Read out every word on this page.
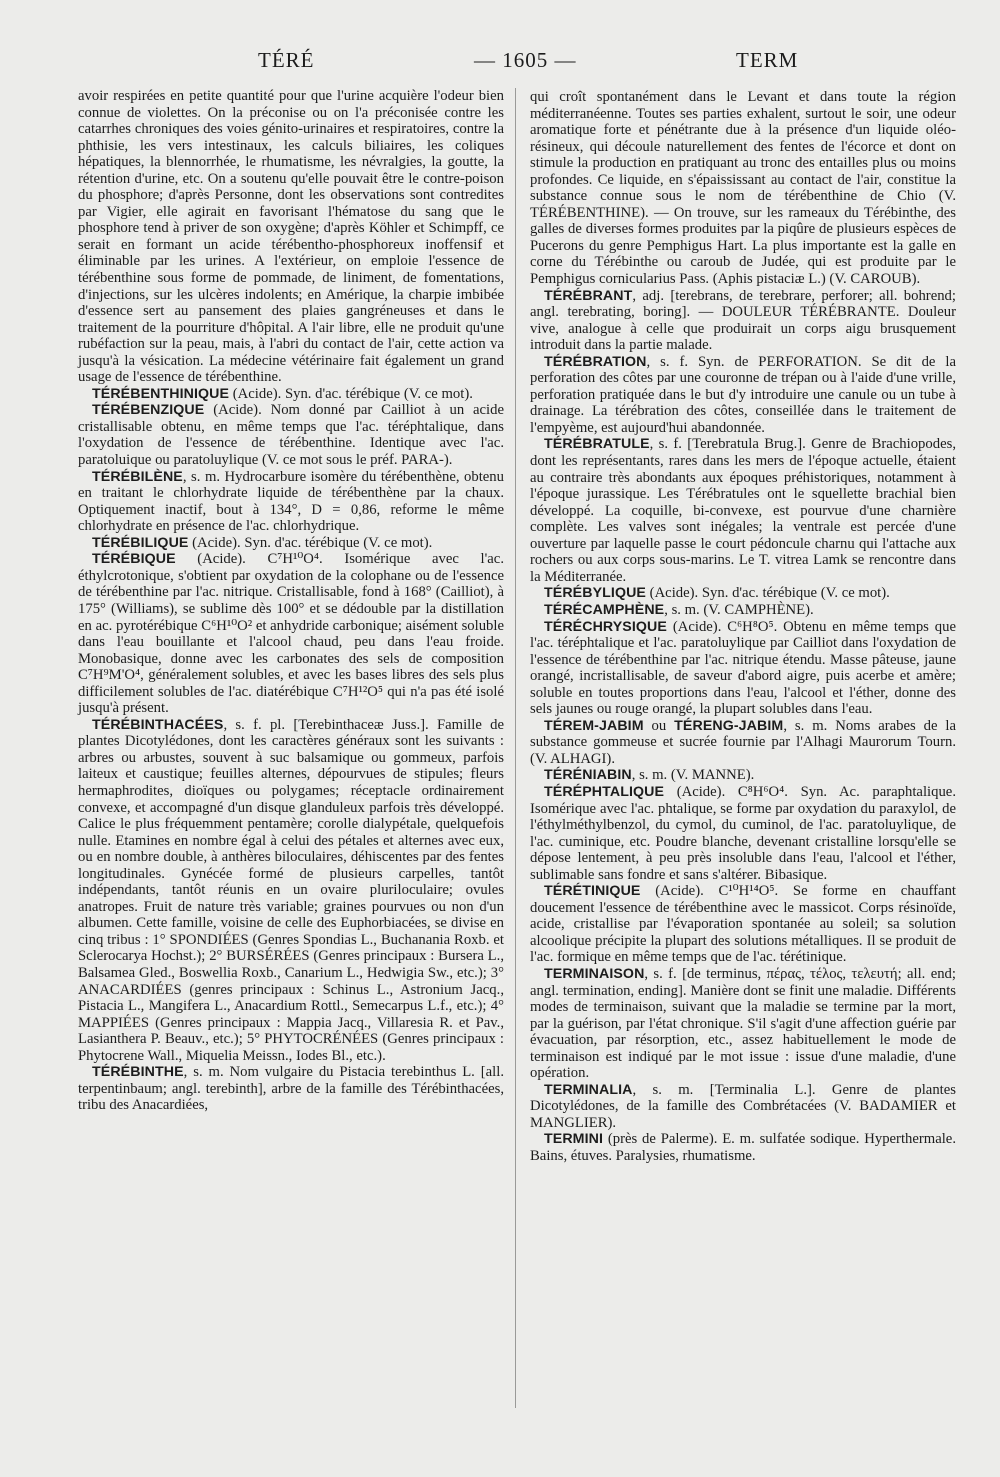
TÉRÉ	— 1605 —	TERM

avoir respirées en petite quantité pour que l'urine acquière l'odeur bien connue de violettes. On la préconise ou on l'a préconisée contre les catarrhes chroniques des voies génito-urinaires et respiratoires, contre la phthisie, les vers intestinaux, les calculs biliaires, les coliques hépatiques, la blennorrhée, le rhumatisme, les névralgies, la goutte, la rétention d'urine, etc. On a soutenu qu'elle pouvait être le contre-poison du phosphore; d'après Personne, dont les observations sont contredites par Vigier, elle agirait en favorisant l'hématose du sang que le phosphore tend à priver de son oxygène; d'après Köhler et Schimpff, ce serait en formant un acide térébentho-phosphoreux inoffensif et éliminable par les urines. A l'extérieur, on emploie l'essence de térébenthine sous forme de pommade, de liniment, de fomentations, d'injections, sur les ulcères indolents; en Amérique, la charpie imbibée d'essence sert au pansement des plaies gangréneuses et dans le traitement de la pourriture d'hôpital. A l'air libre, elle ne produit qu'une rubéfaction sur la peau, mais, à l'abri du contact de l'air, cette action va jusqu'à la vésication. La médecine vétérinaire fait également un grand usage de l'essence de térébenthine.

TÉRÉBENTHINIQUE (Acide). Syn. d'ac. térébique (V. ce mot).

TÉRÉBENZIQUE (Acide). Nom donné par Cailliot à un acide cristallisable obtenu, en même temps que l'ac. téréphtalique, dans l'oxydation de l'essence de térébenthine. Identique avec l'ac. paratoluique ou paratoluylique (V. ce mot sous le préf. PARA-).

TÉRÉBILÈNE, s. m. Hydrocarbure isomère du térébenthène, obtenu en traitant le chlorhydrate liquide de térébenthène par la chaux. Optiquement inactif, bout à 134°, D = 0,86, reforme le même chlorhydrate en présence de l'ac. chlorhydrique.

TÉRÉBILIQUE (Acide). Syn. d'ac. térébique (V. ce mot).

TÉRÉBIQUE (Acide). C⁷H¹⁰O⁴. Isomérique avec l'ac. éthylcrotonique, s'obtient par oxydation de la colophane ou de l'essence de térébenthine par l'ac. nitrique. Cristallisable, fond à 168° (Cailliot), à 175° (Williams), se sublime dès 100° et se dédouble par la distillation en ac. pyrotérébique C⁶H¹⁰O² et anhydride carbonique; aisément soluble dans l'eau bouillante et l'alcool chaud, peu dans l'eau froide. Monobasique, donne avec les carbonates des sels de composition C⁷H⁹M'O⁴, généralement solubles, et avec les bases libres des sels plus difficilement solubles de l'ac. diatérébique C⁷H¹²O⁵ qui n'a pas été isolé jusqu'à présent.

TÉRÉBINTHACÉES, s. f. pl. [Terebinthaceæ Juss.]. Famille de plantes Dicotylédones, dont les caractères généraux sont les suivants : arbres ou arbustes, souvent à suc balsamique ou gommeux, parfois laiteux et caustique; feuilles alternes, dépourvues de stipules; fleurs hermaphrodites, dioïques ou polygames; réceptacle ordinairement convexe, et accompagné d'un disque glanduleux parfois très développé. Calice le plus fréquemment pentamère; corolle dialypétale, quelquefois nulle. Etamines en nombre égal à celui des pétales et alternes avec eux, ou en nombre double, à anthères biloculaires, déhiscentes par des fentes longitudinales. Gynécée formé de plusieurs carpelles, tantôt indépendants, tantôt réunis en un ovaire pluriloculaire; ovules anatropes. Fruit de nature très variable; graines pourvues ou non d'un albumen. Cette famille, voisine de celle des Euphorbiacées, se divise en cinq tribus : 1° SPONDIÉES (Genres Spondias L., Buchanania Roxb. et Sclerocarya Hochst.); 2° BURSÉRÉES (Genres principaux : Bursera L., Balsamea Gled., Boswellia Roxb., Canarium L., Hedwigia Sw., etc.); 3° ANACARDIÉES (genres principaux : Schinus L., Astronium Jacq., Pistacia L., Mangifera L., Anacardium Rottl., Semecarpus L.f., etc.); 4° MAPPIÉES (Genres principaux : Mappia Jacq., Villaresia R. et Pav., Lasianthera P. Beauv., etc.); 5° PHYTOCRÉNÉES (Genres principaux : Phytocrene Wall., Miquelia Meissn., Iodes Bl., etc.).

TÉRÉBINTHE, s. m. Nom vulgaire du Pistacia terebinthus L. [all. terpentinbaum; angl. terebinth], arbre de la famille des Térébinthacées, tribu des Anacardiées,

qui croît spontanément dans le Levant et dans toute la région méditerranéenne. Toutes ses parties exhalent, surtout le soir, une odeur aromatique forte et pénétrante due à la présence d'un liquide oléo-résineux, qui découle naturellement des fentes de l'écorce et dont on stimule la production en pratiquant au tronc des entailles plus ou moins profondes. Ce liquide, en s'épaississant au contact de l'air, constitue la substance connue sous le nom de térébenthine de Chio (V. TÉRÉBENTHINE). — On trouve, sur les rameaux du Térébinthe, des galles de diverses formes produites par la piqûre de plusieurs espèces de Pucerons du genre Pemphigus Hart. La plus importante est la galle en corne du Térébinthe ou caroub de Judée, qui est produite par le Pemphigus cornicularius Pass. (Aphis pistaciæ L.) (V. CAROUB).

TÉRÉBRANT, adj. [terebrans, de terebrare, perforer; all. bohrend; angl. terebrating, boring]. — DOULEUR TÉRÉBRANTE. Douleur vive, analogue à celle que produirait un corps aigu brusquement introduit dans la partie malade.

TÉRÉBRATION, s. f. Syn. de PERFORATION. Se dit de la perforation des côtes par une couronne de trépan ou à l'aide d'une vrille, perforation pratiquée dans le but d'y introduire une canule ou un tube à drainage. La térébration des côtes, conseillée dans le traitement de l'empyème, est aujourd'hui abandonnée.

TÉRÉBRATULE, s. f. [Terebratula Brug.]. Genre de Brachiopodes, dont les représentants, rares dans les mers de l'époque actuelle, étaient au contraire très abondants aux époques préhistoriques, notamment à l'époque jurassique. Les Térébratules ont le squellette brachial bien développé. La coquille, bi-convexe, est pourvue d'une charnière complète. Les valves sont inégales; la ventrale est percée d'une ouverture par laquelle passe le court pédoncule charnu qui l'attache aux rochers ou aux corps sous-marins. Le T. vitrea Lamk se rencontre dans la Méditerranée.

TÉRÉBYLIQUE (Acide). Syn. d'ac. térébique (V. ce mot).

TÉRÉCAMPHÈNE, s. m. (V. CAMPHÈNE).

TÉRÉCHRYSIQUE (Acide). C⁶H⁸O⁵. Obtenu en même temps que l'ac. téréphtalique et l'ac. paratoluylique par Cailliot dans l'oxydation de l'essence de térébenthine par l'ac. nitrique étendu. Masse pâteuse, jaune orangé, incristallisable, de saveur d'abord aigre, puis acerbe et amère; soluble en toutes proportions dans l'eau, l'alcool et l'éther, donne des sels jaunes ou rouge orangé, la plupart solubles dans l'eau.

TÉREM-JABIM ou TÉRENG-JABIM, s. m. Noms arabes de la substance gommeuse et sucrée fournie par l'Alhagi Maurorum Tourn. (V. ALHAGI).

TÉRÉNIABIN, s. m. (V. MANNE).

TÉRÉPHTALIQUE (Acide). C⁸H⁶O⁴. Syn. Ac. paraphtalique. Isomérique avec l'ac. phtalique, se forme par oxydation du paraxylol, de l'éthylméthylbenzol, du cymol, du cuminol, de l'ac. paratoluylique, de l'ac. cuminique, etc. Poudre blanche, devenant cristalline lorsqu'elle se dépose lentement, à peu près insoluble dans l'eau, l'alcool et l'éther, sublimable sans fondre et sans s'altérer. Bibasique.

TÉRÉTINIQUE (Acide). C¹⁰H¹⁴O⁵. Se forme en chauffant doucement l'essence de térébenthine avec le massicot. Corps résinoïde, acide, cristallise par l'évaporation spontanée au soleil; sa solution alcoolique précipite la plupart des solutions métalliques. Il se produit de l'ac. formique en même temps que de l'ac. térétinique.

TERMINAISON, s. f. [de terminus, πέρας, τέλος, τελευτή; all. end; angl. termination, ending]. Manière dont se finit une maladie. Différents modes de terminaison, suivant que la maladie se termine par la mort, par la guérison, par l'état chronique. S'il s'agit d'une affection guérie par évacuation, par résorption, etc., assez habituellement le mode de terminaison est indiqué par le mot issue : issue d'une maladie, d'une opération.

TERMINALIA, s. m. [Terminalia L.]. Genre de plantes Dicotylédones, de la famille des Combrétacées (V. BADAMIER et MANGLIER).

TERMINI (près de Palerme). E. m. sulfatée sodique. Hyperthermale. Bains, étuves. Paralysies, rhumatisme.
